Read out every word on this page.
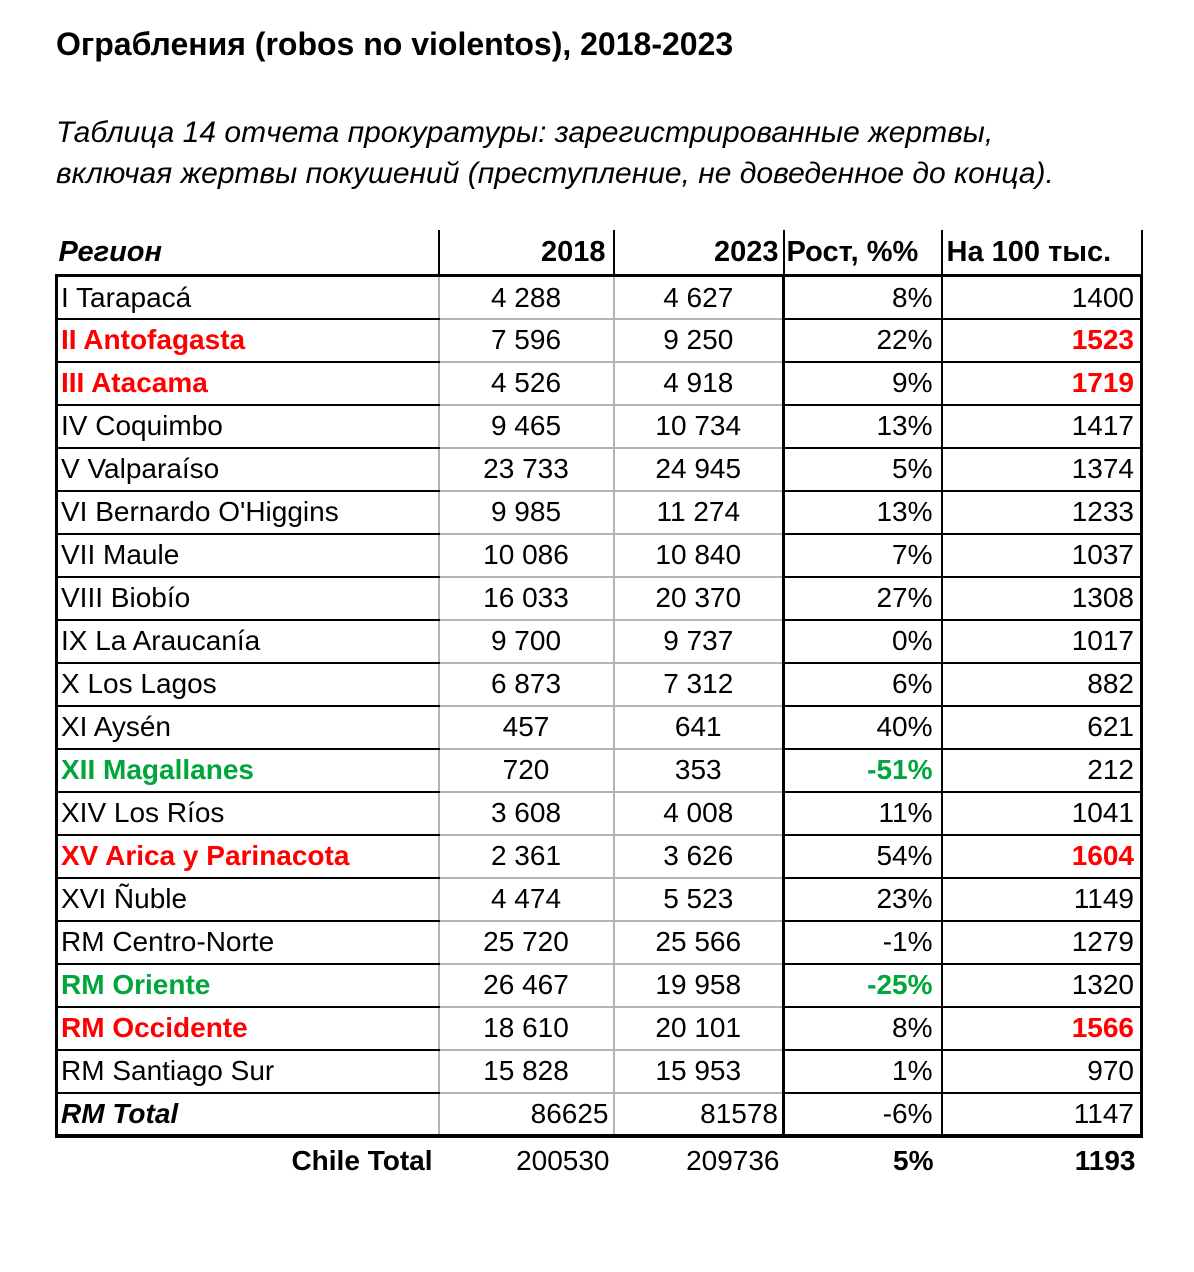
Ограбления (robos no violentos), 2018-2023
Таблица 14 отчета прокуратуры: зарегистрированные жертвы,
включая жертвы покушений (преступление, не доведенное до конца).
Регион	2018	2023	Рост, %%	На 100 тыс.
I Tarapacá	4 288	4 627	8%	1400
II Antofagasta	7 596	9 250	22%	1523
III Atacama	4 526	4 918	9%	1719
IV Coquimbo	9 465	10 734	13%	1417
V Valparaíso	23 733	24 945	5%	1374
VI Bernardo O'Higgins	9 985	11 274	13%	1233
VII Maule	10 086	10 840	7%	1037
VIII Biobío	16 033	20 370	27%	1308
IX La Araucanía	9 700	9 737	0%	1017
X Los Lagos	6 873	7 312	6%	882
XI Aysén	457	641	40%	621
XII Magallanes	720	353	-51%	212
XIV Los Ríos	3 608	4 008	11%	1041
XV Arica y Parinacota	2 361	3 626	54%	1604
XVI Ñuble	4 474	5 523	23%	1149
RM Centro-Norte	25 720	25 566	-1%	1279
RM Oriente	26 467	19 958	-25%	1320
RM Occidente	18 610	20 101	8%	1566
RM Santiago Sur	15 828	15 953	1%	970
RM Total	86625	81578	-6%	1147
Chile Total	200530	209736	5%	1193
